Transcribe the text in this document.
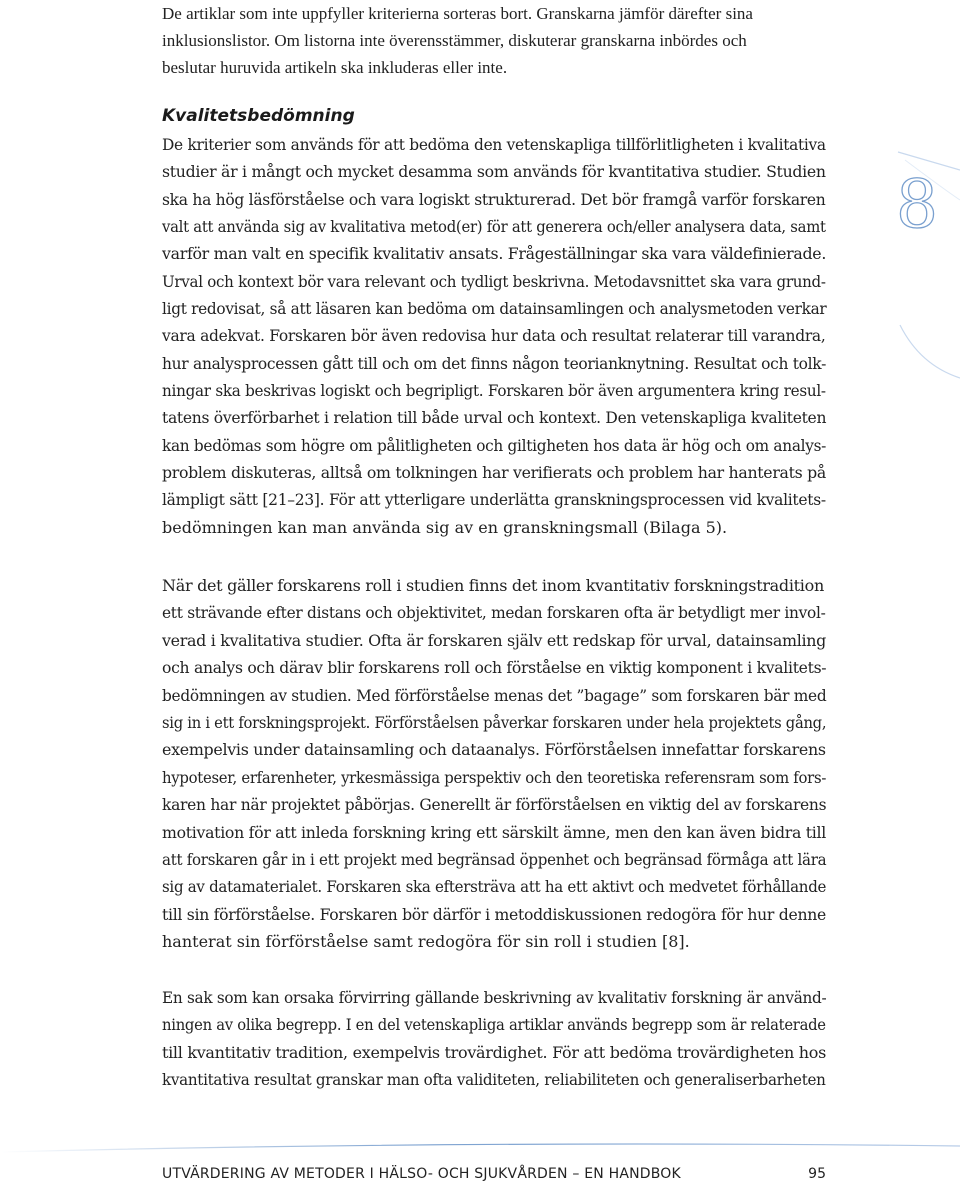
De artiklar som inte uppfyller kriterierna sorteras bort. Granskarna jämför därefter sina
inklusionslistor. Om listorna inte överensstämmer, diskuterar granskarna inbördes och
beslutar huruvida artikeln ska inkluderas eller inte.
Kvalitetsbedömning
De kriterier som används för att bedöma den vetenskapliga tillförlitligheten i kvalitativa
studier är i mångt och mycket desamma som används för kvantitativa studier. Studien
ska ha hög läsförståelse och vara logiskt strukturerad. Det bör framgå varför forskaren
valt att använda sig av kvalitativa metod(er) för att generera och/eller analysera data, samt
varför man valt en specifik kvalitativ ansats. Frågeställningar ska vara väldefinierade.
Urval och kontext bör vara relevant och tydligt beskrivna. Metodavsnittet ska vara grund-
ligt redovisat, så att läsaren kan bedöma om datainsamlingen och analysmetoden verkar
vara adekvat. Forskaren bör även redovisa hur data och resultat relaterar till varandra,
hur analysprocessen gått till och om det finns någon teorianknytning. Resultat och tolk-
ningar ska beskrivas logiskt och begripligt. Forskaren bör även argumentera kring resul-
tatens överförbarhet i relation till både urval och kontext. Den vetenskapliga kvaliteten
kan bedömas som högre om pålitligheten och giltigheten hos data är hög och om analys-
problem diskuteras, alltså om tolkningen har verifierats och problem har hanterats på
lämpligt sätt [21–23]. För att ytterligare underlätta granskningsprocessen vid kvalitets-
bedömningen kan man använda sig av en granskningsmall (Bilaga 5).
När det gäller forskarens roll i studien finns det inom kvantitativ forskningstradition
ett strävande efter distans och objektivitet, medan forskaren ofta är betydligt mer invol-
verad i kvalitativa studier. Ofta är forskaren själv ett redskap för urval, datainsamling
och analys och därav blir forskarens roll och förståelse en viktig komponent i kvalitets-
bedömningen av studien. Med förförståelse menas det ”bagage” som forskaren bär med
sig in i ett forskningsprojekt. Förförståelsen påverkar forskaren under hela projektets gång,
exempelvis under datainsamling och dataanalys. Förförståelsen innefattar forskarens
hypoteser, erfarenheter, yrkesmässiga perspektiv och den teoretiska referensram som fors-
karen har när projektet påbörjas. Generellt är förförståelsen en viktig del av forskarens
motivation för att inleda forskning kring ett särskilt ämne, men den kan även bidra till
att forskaren går in i ett projekt med begränsad öppenhet och begränsad förmåga att lära
sig av datamaterialet. Forskaren ska eftersträva att ha ett aktivt och medvetet förhållande
till sin förförståelse. Forskaren bör därför i metoddiskussionen redogöra för hur denne
hanterat sin förförståelse samt redogöra för sin roll i studien [8].
En sak som kan orsaka förvirring gällande beskrivning av kvalitativ forskning är använd-
ningen av olika begrepp. I en del vetenskapliga artiklar används begrepp som är relaterade
till kvantitativ tradition, exempelvis trovärdighet. För att bedöma trovärdigheten hos
kvantitativa resultat granskar man ofta validiteten, reliabiliteten och generaliserbarheten
8
UTVÄRDERING AV METODER I HÄLSO- OCH SJUKVÅRDEN – EN HANDBOK	95
